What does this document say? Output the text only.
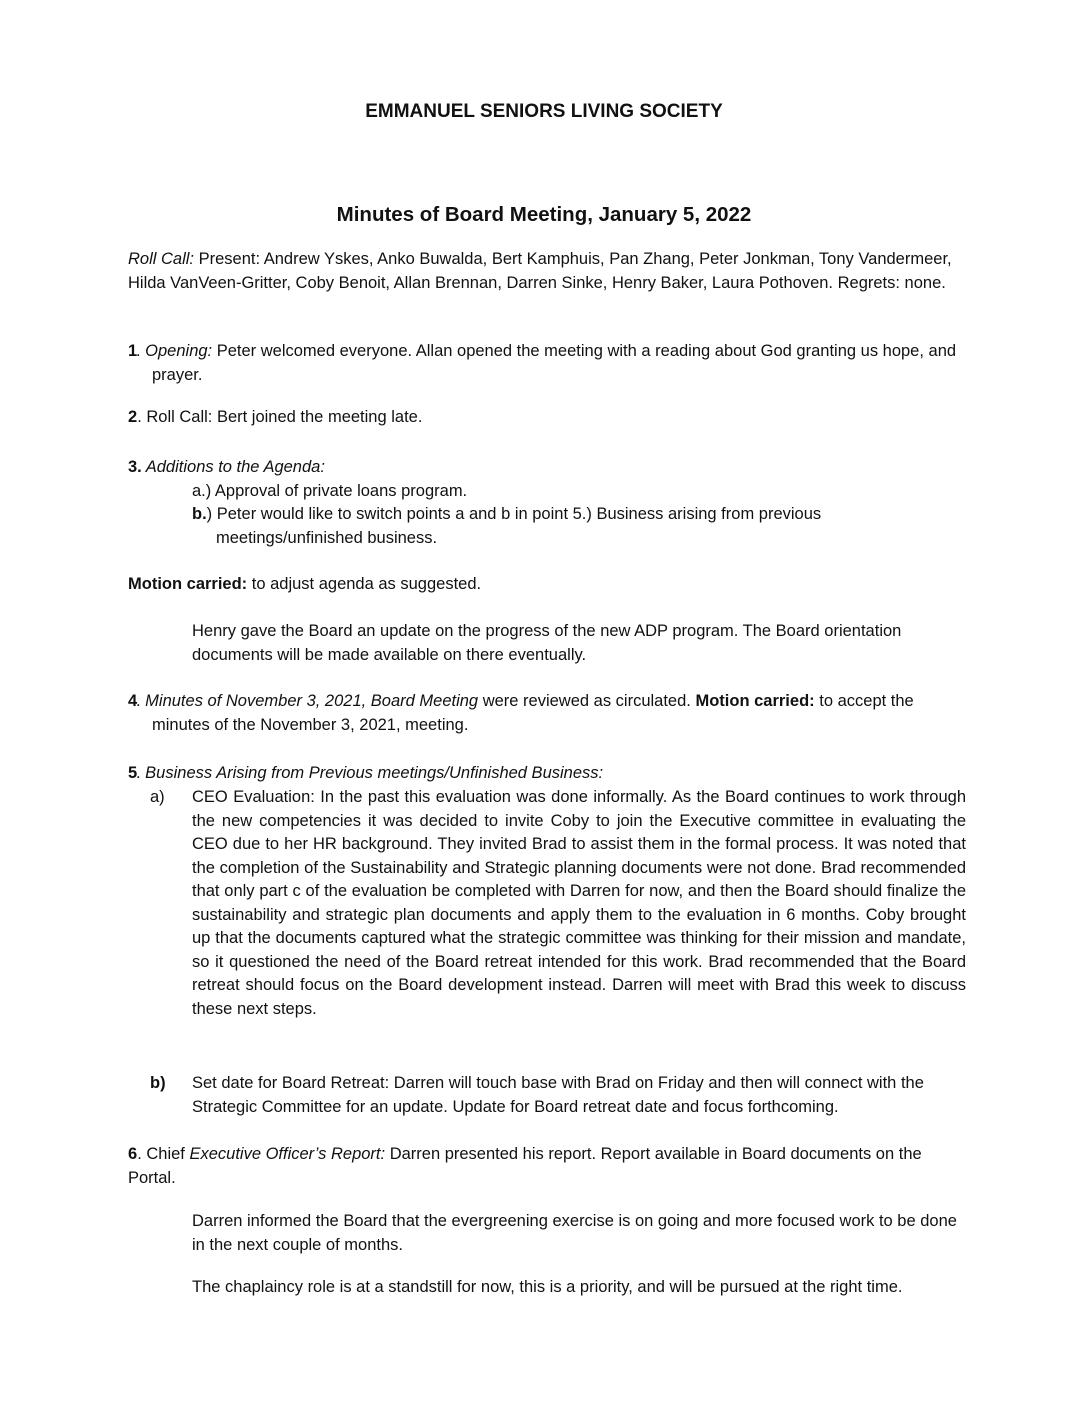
EMMANUEL SENIORS LIVING SOCIETY

Minutes of Board Meeting, January 5, 2022

Roll Call: Present: Andrew Yskes, Anko Buwalda, Bert Kamphuis, Pan Zhang, Peter Jonkman, Tony Vandermeer, Hilda VanVeen-Gritter, Coby Benoit, Allan Brennan, Darren Sinke, Henry Baker, Laura Pothoven. Regrets: none.

1

. Opening: Peter welcomed everyone. Allan opened the meeting with a reading about God granting us hope, and prayer.

2. Roll Call: Bert joined the meeting late.

3. Additions to the Agenda:

a.) Approval of private loans program.

b.) Peter would like to switch points a and b in point 5.) Business arising from previous meetings/unfinished business.

Motion carried: to adjust agenda as suggested.

Henry gave the Board an update on the progress of the new ADP program. The Board orientation documents will be made available on there eventually.

4

. Minutes of November 3, 2021, Board Meeting were reviewed as circulated. Motion carried: to accept the minutes of the November 3, 2021, meeting.

5

. Business Arising from Previous meetings/Unfinished Business:

a) CEO Evaluation: In the past this evaluation was done informally. As the Board continues to work through the new competencies it was decided to invite Coby to join the Executive committee in evaluating the CEO due to her HR background. They invited Brad to assist them in the formal process. It was noted that the completion of the Sustainability and Strategic planning documents were not done. Brad recommended that only part c of the evaluation be completed with Darren for now, and then the Board should finalize the sustainability and strategic plan documents and apply them to the evaluation in 6 months. Coby brought up that the documents captured what the strategic committee was thinking for their mission and mandate, so it questioned the need of the Board retreat intended for this work. Brad recommended that the Board retreat should focus on the Board development instead. Darren will meet with Brad this week to discuss these next steps.

b) Set date for Board Retreat: Darren will touch base with Brad on Friday and then will connect with the Strategic Committee for an update. Update for Board retreat date and focus forthcoming.

6. Chief Executive Officer’s Report: Darren presented his report. Report available in Board documents on the Portal.

Darren informed the Board that the evergreening exercise is on going and more focused work to be done in the next couple of months.

The chaplaincy role is at a standstill for now, this is a priority, and will be pursued at the right time.
